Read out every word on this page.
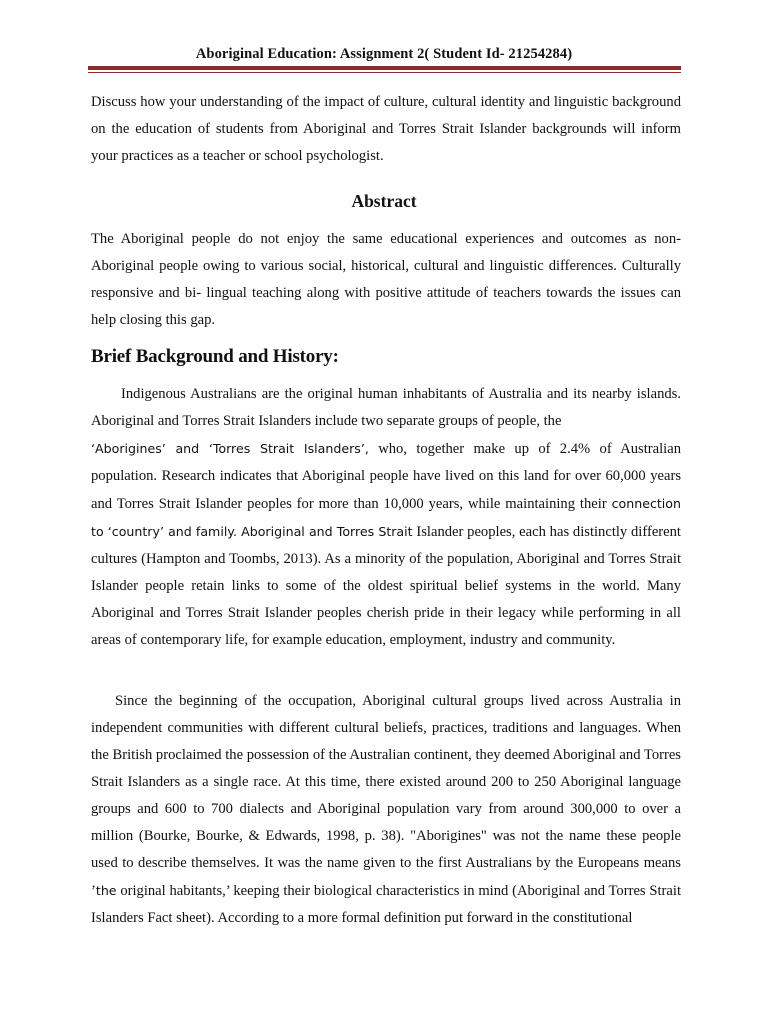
Aboriginal Education: Assignment 2( Student Id- 21254284)
Discuss how your understanding of the impact of culture, cultural identity and linguistic background on the education of students from Aboriginal and Torres Strait Islander backgrounds will inform your practices as a teacher or school psychologist.
Abstract
The Aboriginal people do not enjoy the same educational experiences and outcomes as non-Aboriginal people owing to various social, historical, cultural and linguistic differences. Culturally responsive and bi- lingual teaching along with positive attitude of teachers towards the issues can help closing this gap.
Brief Background and History:
Indigenous Australians are the original human inhabitants of Australia and its nearby islands. Aboriginal and Torres Strait Islanders include two separate groups of people, the
‘Aborigines’ and ‘Torres Strait Islanders’, who, together make up of 2.4% of Australian population. Research indicates that Aboriginal people have lived on this land for over 60,000 years and Torres Strait Islander peoples for more than 10,000 years, while maintaining their connection to ‘country’ and family. Aboriginal and Torres Strait Islander peoples, each has distinctly different cultures (Hampton and Toombs, 2013). As a minority of the population, Aboriginal and Torres Strait Islander people retain links to some of the oldest spiritual belief systems in the world. Many Aboriginal and Torres Strait Islander peoples cherish pride in their legacy while performing in all areas of contemporary life, for example education, employment, industry and community.
Since the beginning of the occupation, Aboriginal cultural groups lived across Australia in independent communities with different cultural beliefs, practices, traditions and languages. When the British proclaimed the possession of the Australian continent, they deemed Aboriginal and Torres Strait Islanders as a single race. At this time, there existed around 200 to 250 Aboriginal language groups and 600 to 700 dialects and Aboriginal population vary from around 300,000 to over a million (Bourke, Bourke, & Edwards, 1998, p. 38). "Aborigines" was not the name these people used to describe themselves. It was the name given to the first Australians by the Europeans means ’the original habitants,’ keeping their biological characteristics in mind (Aboriginal and Torres Strait Islanders Fact sheet). According to a more formal definition put forward in the constitutional
